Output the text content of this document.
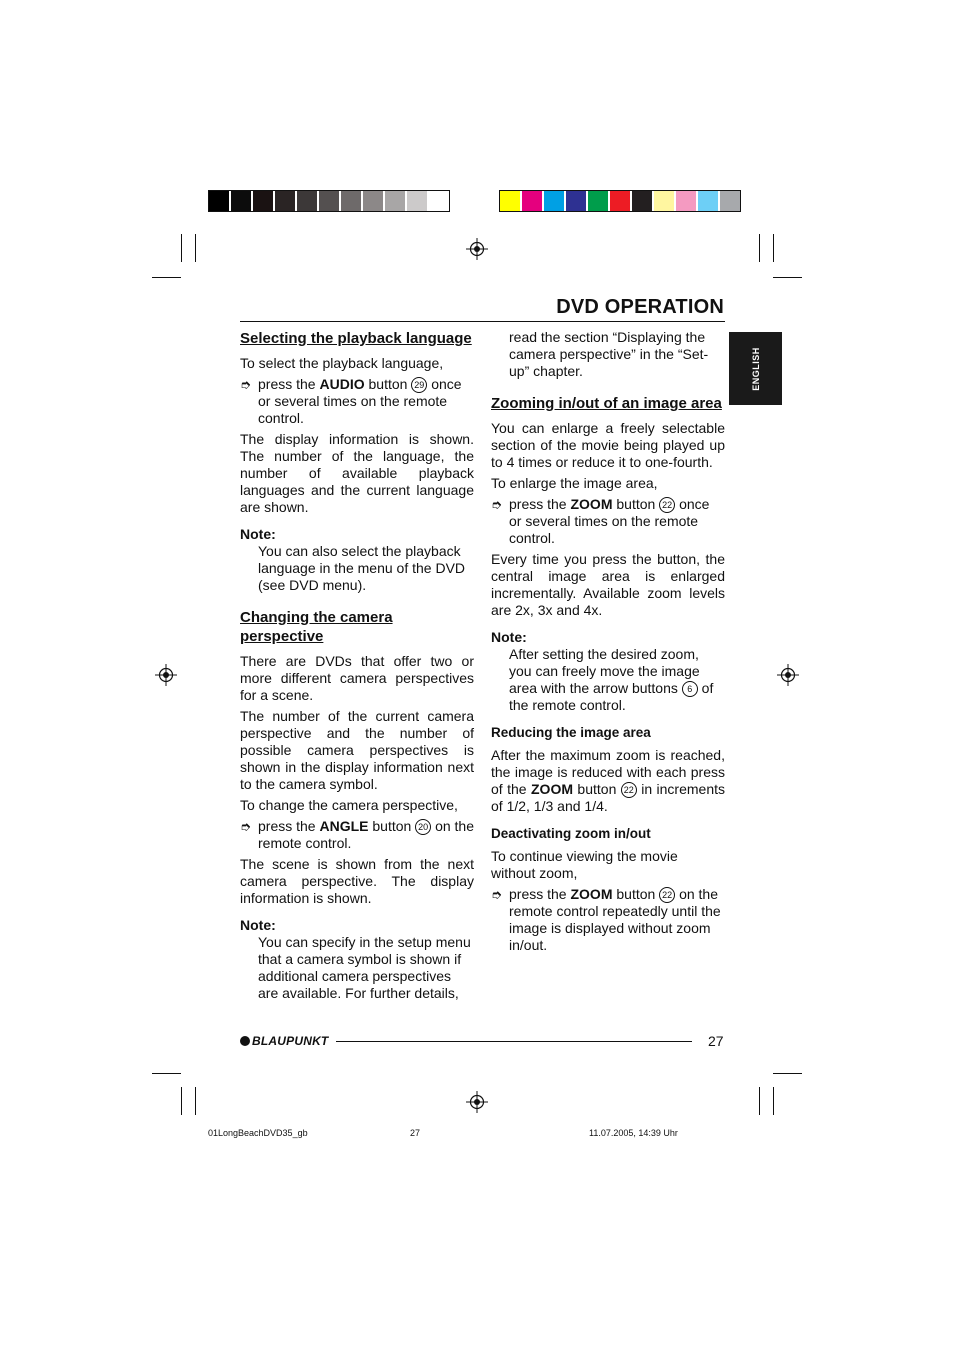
DVD OPERATION
ENGLISH
Selecting the playback language

To select the playback language,

➮ press the AUDIO button 29 once or several times on the remote control.

The display information is shown. The number of the language, the number of available playback languages and the current language are shown.

Note:

You can also select the playback language in the menu of the DVD (see DVD menu).

Changing the camera perspective

There are DVDs that offer two or more different camera perspectives for a scene.

The number of the current camera perspective and the number of possible camera perspectives is shown in the display information next to the camera symbol.

To change the camera perspective,

➮ press the ANGLE button 20 on the remote control.

The scene is shown from the next camera perspective. The display information is shown.

Note:

You can specify in the setup menu that a camera symbol is shown if additional camera perspectives are available. For further details,

read the section “Displaying the camera perspective” in the “Set-up” chapter.

Zooming in/out of an image area

You can enlarge a freely selectable section of the movie being played up to 4 times or reduce it to one-fourth.

To enlarge the image area,

➮ press the ZOOM button 22 once or several times on the remote control.

Every time you press the button, the central image area is enlarged incrementally. Available zoom levels are 2x, 3x and 4x.

Note:

After setting the desired zoom, you can freely move the image area with the arrow buttons 6 of the remote control.

Reducing the image area

After the maximum zoom is reached, the image is reduced with each press of the ZOOM button 22 in increments of 1/2, 1/3 and 1/4.

Deactivating zoom in/out

To continue viewing the movie without zoom,

➮ press the ZOOM button 22 on the remote control repeatedly until the image is displayed without zoom in/out.
BLAUPUNKT	27
01LongBeachDVD35_gb	27	11.07.2005, 14:39 Uhr
